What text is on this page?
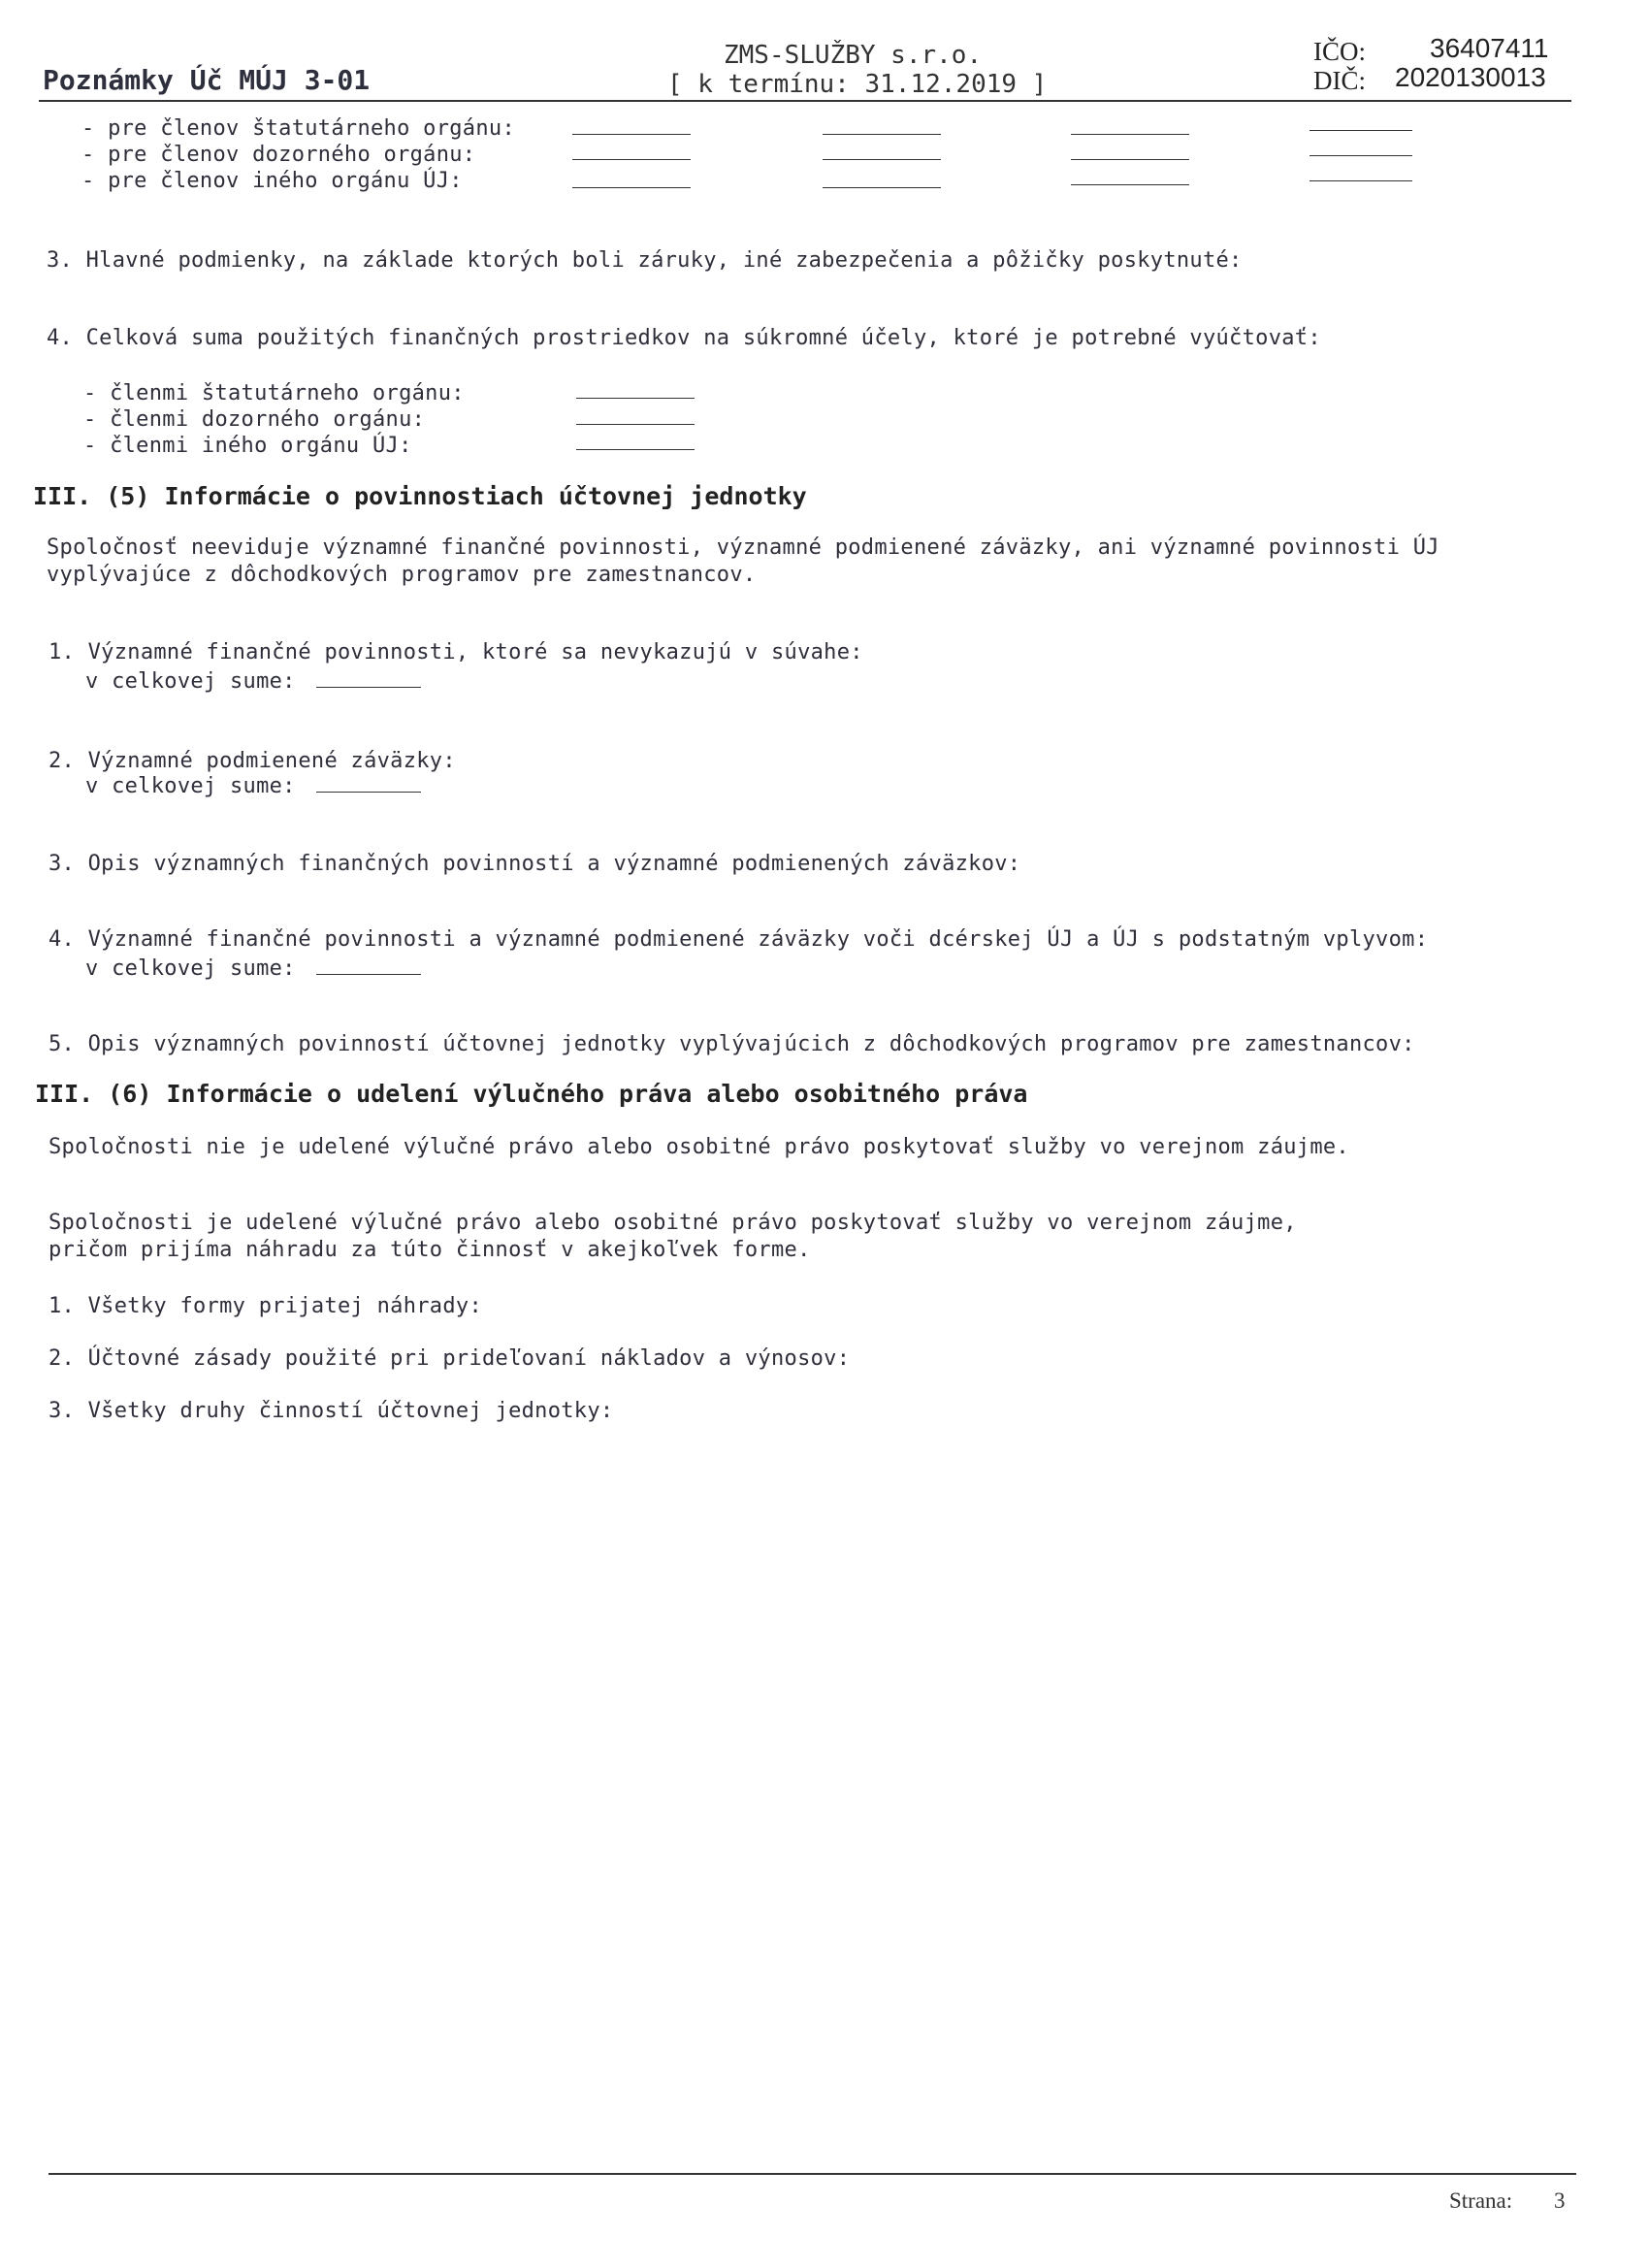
Poznámky Úč MÚJ 3-01
ZMS-SLUŽBY s.r.o.
[ k termínu: 31.12.2019 ]
IČO: 36407411
DIČ: 2020130013
- pre členov štatutárneho orgánu:
- pre členov dozorného orgánu:
- pre členov iného orgánu ÚJ:
3. Hlavné podmienky, na základe ktorých boli záruky, iné zabezpečenia a pôžičky poskytnuté:
4. Celková suma použitých finančných prostriedkov na súkromné účely, ktoré je potrebné vyúčtovať:
- členmi štatutárneho orgánu:
- členmi dozorného orgánu:
- členmi iného orgánu ÚJ:
III. (5) Informácie o povinnostiach účtovnej jednotky
Spoločnosť neeviduje významné finančné povinnosti, významné podmienené záväzky, ani významné povinnosti ÚJ
vyplývajúce z dôchodkových programov pre zamestnancov.
1. Významné finančné povinnosti, ktoré sa nevykazujú v súvahe:
v celkovej sume:
2. Významné podmienené záväzky:
v celkovej sume:
3. Opis významných finančných povinností a významné podmienených záväzkov:
4. Významné finančné povinnosti a významné podmienené záväzky voči dcérskej ÚJ a ÚJ s podstatným vplyvom:
v celkovej sume:
5. Opis významných povinností účtovnej jednotky vyplývajúcich z dôchodkových programov pre zamestnancov:
III. (6) Informácie o udelení výlučného práva alebo osobitného práva
Spoločnosti nie je udelené výlučné právo alebo osobitné právo poskytovať služby vo verejnom záujme.
Spoločnosti je udelené výlučné právo alebo osobitné právo poskytovať služby vo verejnom záujme,
pričom prijíma náhradu za túto činnosť v akejkoľvek forme.
1. Všetky formy prijatej náhrady:
2. Účtovné zásady použité pri prideľovaní nákladov a výnosov:
3. Všetky druhy činností účtovnej jednotky:
Strana: 3
